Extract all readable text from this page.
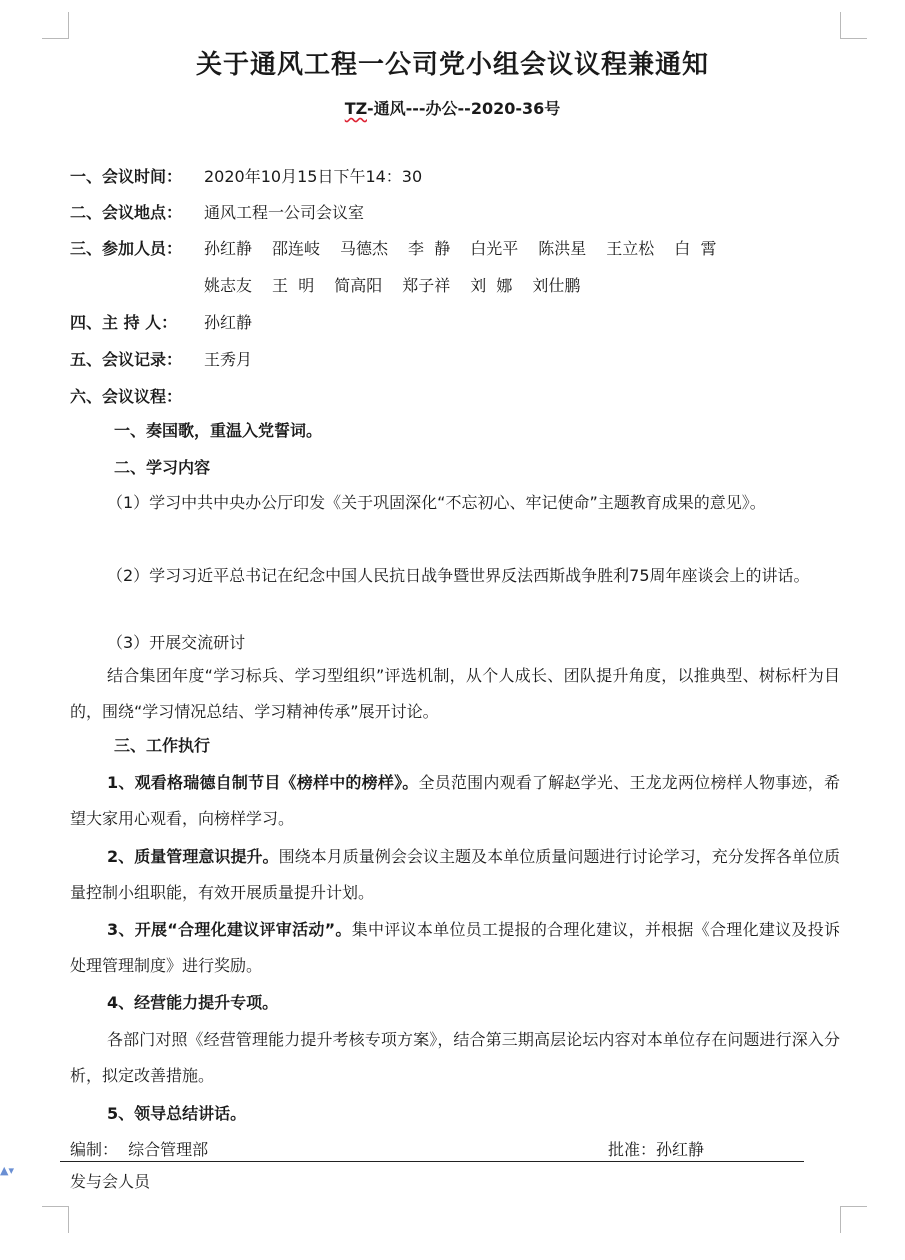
关于通风工程一公司党小组会议议程兼通知
TZ-通风---办公--2020-36号
一、会议时间： 2020年10月15日下午14：30
二、会议地点： 通风工程一公司会议室
三、参加人员： 孙红静 邵连岐 马德杰 李  静 白光平 陈洪星 王立松 白  霄
姚志友 王  明 简高阳 郑子祥 刘  娜 刘仕鹏
四、主 持 人： 孙红静
五、会议记录： 王秀月
六、会议议程：
一、奏国歌，重温入党誓词。
二、学习内容
（1）学习中共中央办公厅印发《关于巩固深化“不忘初心、牢记使命”主题教育成果的意见》。
（2）学习习近平总书记在纪念中国人民抗日战争暨世界反法西斯战争胜利75周年座谈会上的讲话。
（3）开展交流研讨
结合集团年度“学习标兵、学习型组织”评选机制，从个人成长、团队提升角度，以推典型、树标杆为目的，围绕“学习情况总结、学习精神传承”展开讨论。
三、工作执行
1、观看格瑞德自制节目《榜样中的榜样》。全员范围内观看了解赵学光、王龙龙两位榜样人物事迹，希望大家用心观看，向榜样学习。
2、质量管理意识提升。围绕本月质量例会会议主题及本单位质量问题进行讨论学习，充分发挥各单位质量控制小组职能，有效开展质量提升计划。
3、开展“合理化建议评审活动”。集中评议本单位员工提报的合理化建议，并根据《合理化建议及投诉处理管理制度》进行奖励。
4、经营能力提升专项。
各部门对照《经营管理能力提升考核专项方案》，结合第三期高层论坛内容对本单位存在问题进行深入分析，拟定改善措施。
5、领导总结讲话。
编制：  综合管理部	批准：孙红静
发与会人员
▲▾
